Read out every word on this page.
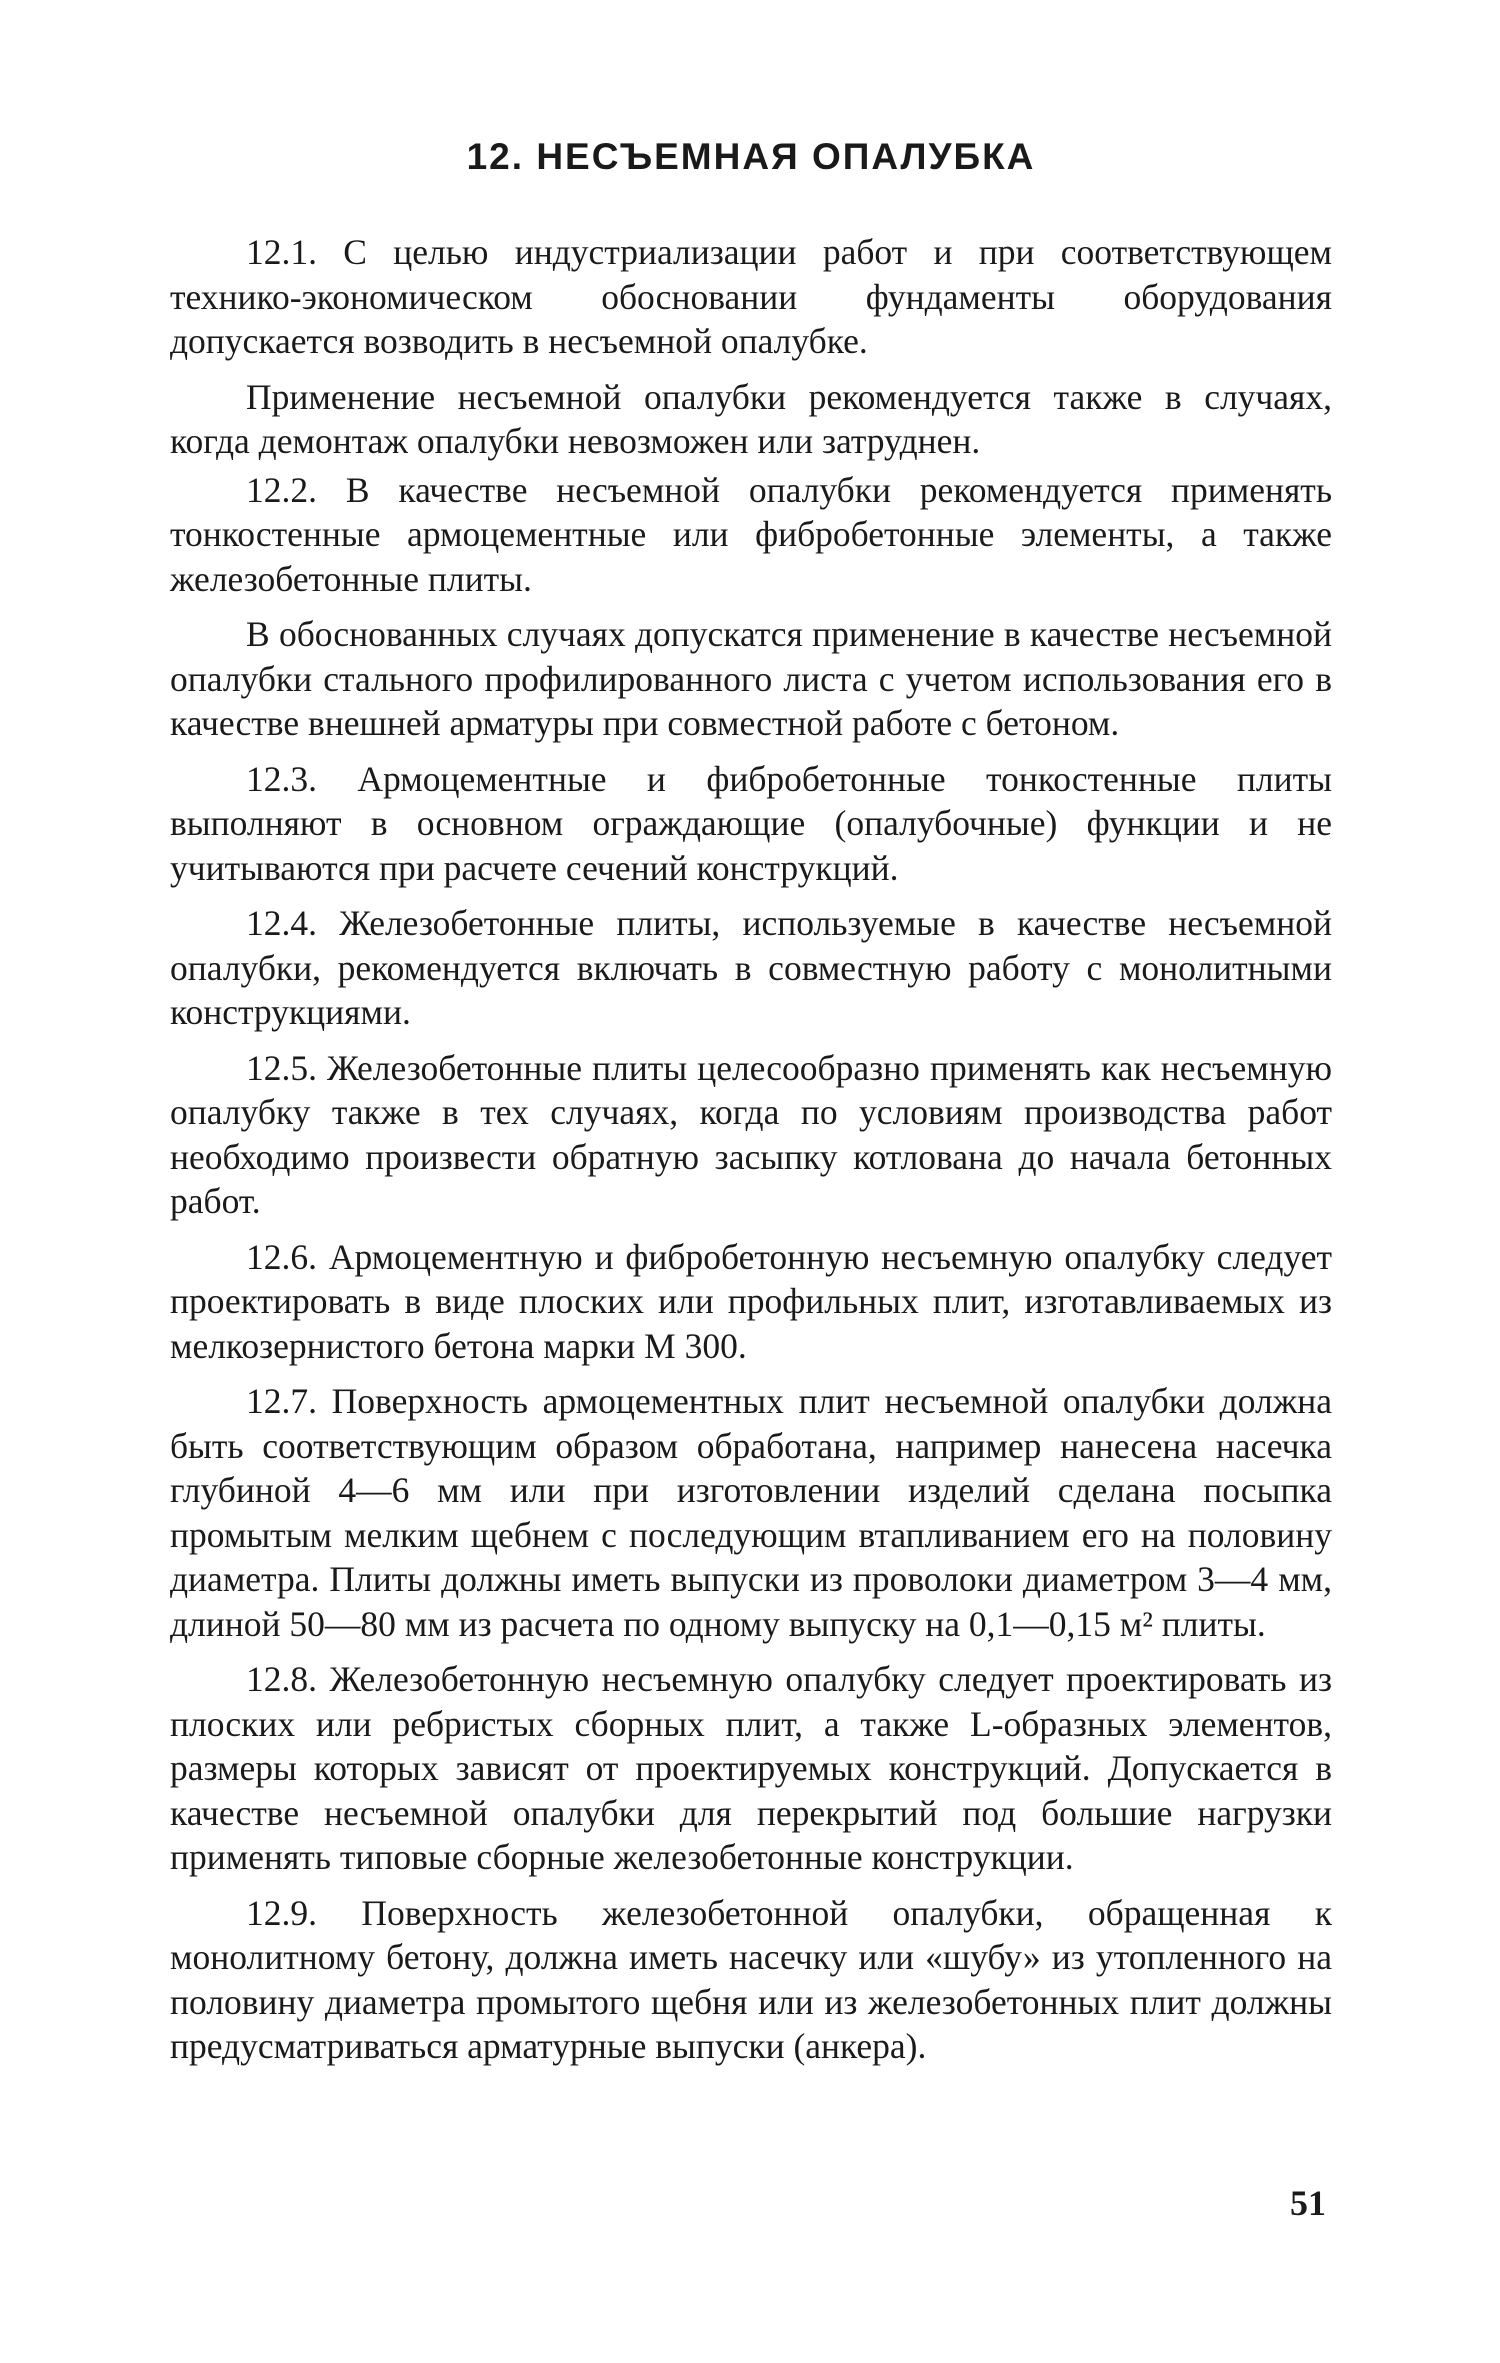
12. НЕСЪЕМНАЯ ОПАЛУБКА

12.1. С целью индустриализации работ и при соответствующем технико-экономическом обосновании фундаменты оборудования допускается возводить в несъемной опалубке.

Применение несъемной опалубки рекомендуется также в случаях, когда демонтаж опалубки невозможен или затруднен.

12.2. В качестве несъемной опалубки рекомендуется применять тонкостенные армоцементные или фибробетонные элементы, а также железобетонные плиты.

В обоснованных случаях допускатся применение в качестве несъемной опалубки стального профилированного листа с учетом использования его в качестве внешней арматуры при совместной работе с бетоном.

12.3. Армоцементные и фибробетонные тонкостенные плиты выполняют в основном ограждающие (опалубочные) функции и не учитываются при расчете сечений конструкций.

12.4. Железобетонные плиты, используемые в качестве несъемной опалубки, рекомендуется включать в совместную работу с монолитными конструкциями.

12.5. Железобетонные плиты целесообразно применять как несъемную опалубку также в тех случаях, когда по условиям производства работ необходимо произвести обратную засыпку котлована до начала бетонных работ.

12.6. Армоцементную и фибробетонную несъемную опалубку следует проектировать в виде плоских или профильных плит, изготавливаемых из мелкозернистого бетона марки М 300.

12.7. Поверхность армоцементных плит несъемной опалубки должна быть соответствующим образом обработана, например нанесена насечка глубиной 4—6 мм или при изготовлении изделий сделана посыпка промытым мелким щебнем с последующим втапливанием его на половину диаметра. Плиты должны иметь выпуски из проволоки диаметром 3—4 мм, длиной 50—80 мм из расчета по одному выпуску на 0,1—0,15 м² плиты.

12.8. Железобетонную несъемную опалубку следует проектировать из плоских или ребристых сборных плит, а также L-образных элементов, размеры которых зависят от проектируемых конструкций. Допускается в качестве несъемной опалубки для перекрытий под большие нагрузки применять типовые сборные железобетонные конструкции.

12.9. Поверхность железобетонной опалубки, обращенная к монолитному бетону, должна иметь насечку или «шубу» из утопленного на половину диаметра промытого щебня или из железобетонных плит должны предусматриваться арматурные выпуски (анкера).

51
